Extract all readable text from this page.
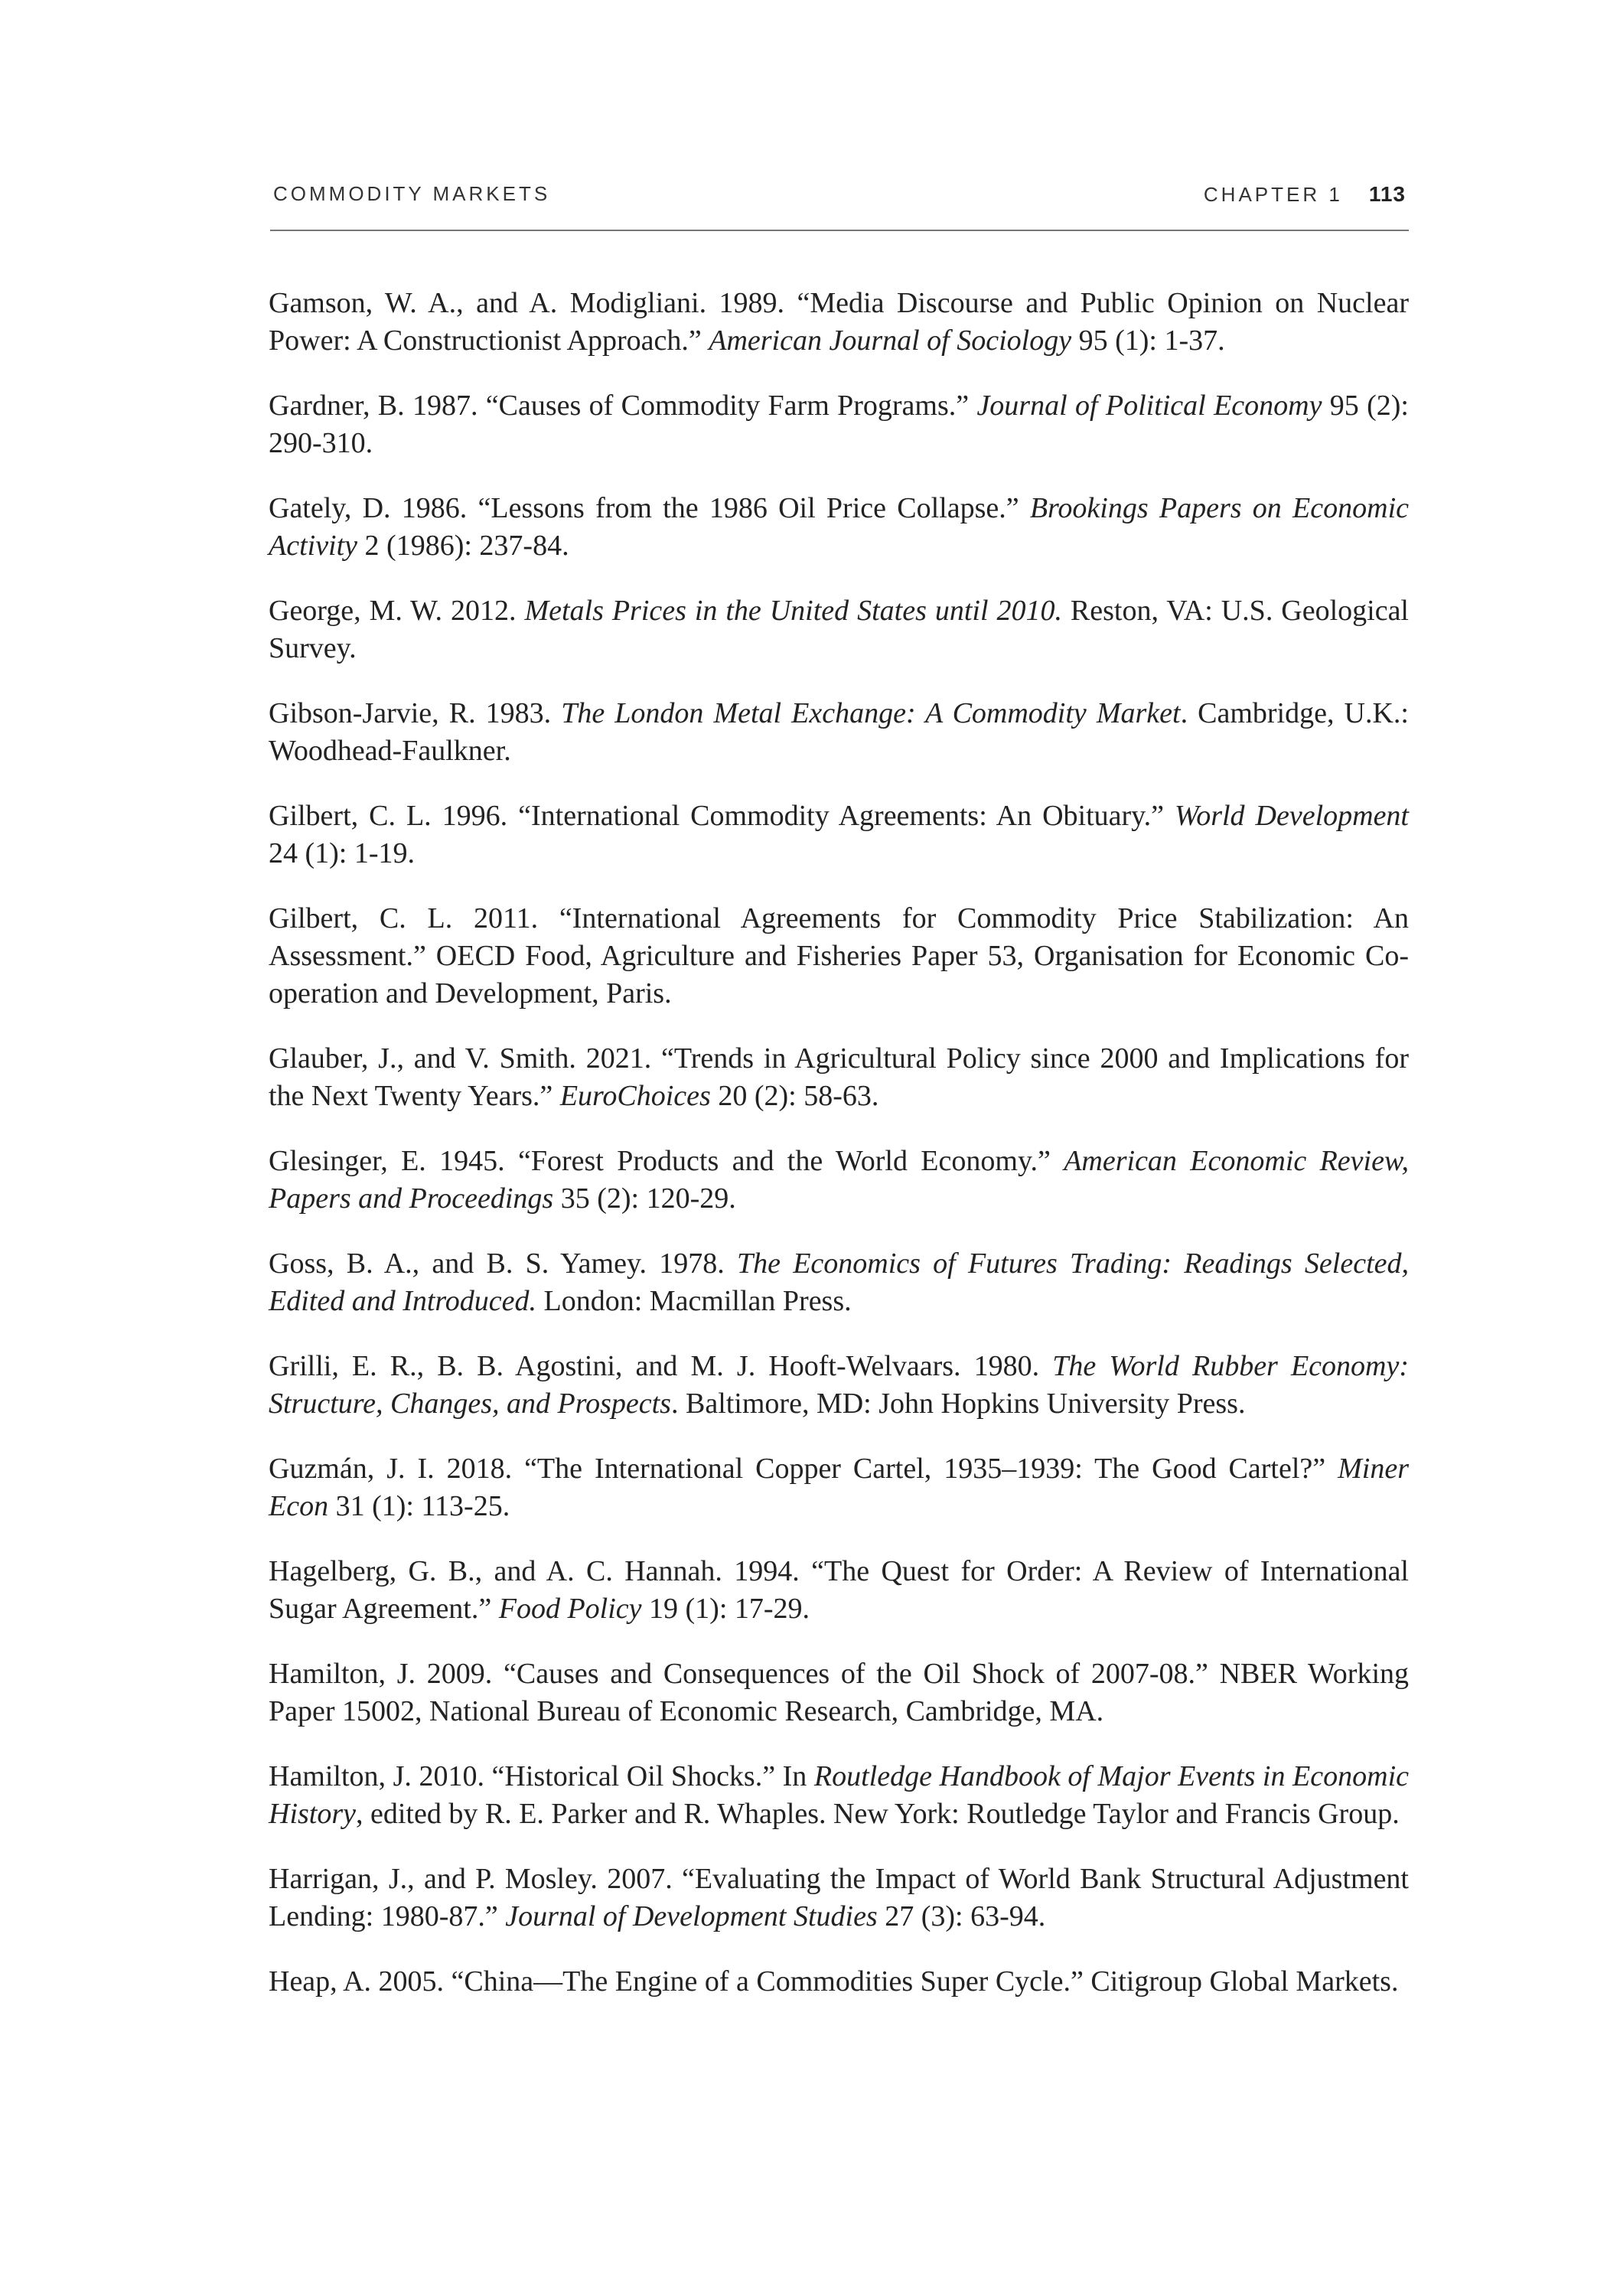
COMMODITY MARKETS	CHAPTER 1 113
Gamson, W. A., and A. Modigliani. 1989. “Media Discourse and Public Opinion on Nuclear Power: A Constructionist Approach.” American Journal of Sociology 95 (1): 1-37.
Gardner, B. 1987. “Causes of Commodity Farm Programs.” Journal of Political Economy 95 (2): 290-310.
Gately, D. 1986. “Lessons from the 1986 Oil Price Collapse.” Brookings Papers on Economic Activity 2 (1986): 237-84.
George, M. W. 2012. Metals Prices in the United States until 2010. Reston, VA: U.S. Geological Survey.
Gibson-Jarvie, R. 1983. The London Metal Exchange: A Commodity Market. Cambridge, U.K.: Woodhead-Faulkner.
Gilbert, C. L. 1996. “International Commodity Agreements: An Obituary.” World Development 24 (1): 1-19.
Gilbert, C. L. 2011. “International Agreements for Commodity Price Stabilization: An Assessment.” OECD Food, Agriculture and Fisheries Paper 53, Organisation for Economic Co-operation and Development, Paris.
Glauber, J., and V. Smith. 2021. “Trends in Agricultural Policy since 2000 and Implications for the Next Twenty Years.” EuroChoices 20 (2): 58-63.
Glesinger, E. 1945. “Forest Products and the World Economy.” American Economic Review, Papers and Proceedings 35 (2): 120-29.
Goss, B. A., and B. S. Yamey. 1978. The Economics of Futures Trading: Readings Selected, Edited and Introduced. London: Macmillan Press.
Grilli, E. R., B. B. Agostini, and M. J. Hooft-Welvaars. 1980. The World Rubber Economy: Structure, Changes, and Prospects. Baltimore, MD: John Hopkins University Press.
Guzmán, J. I. 2018. “The International Copper Cartel, 1935–1939: The Good Cartel?” Miner Econ 31 (1): 113-25.
Hagelberg, G. B., and A. C. Hannah. 1994. “The Quest for Order: A Review of International Sugar Agreement.” Food Policy 19 (1): 17-29.
Hamilton, J. 2009. “Causes and Consequences of the Oil Shock of 2007-08.” NBER Working Paper 15002, National Bureau of Economic Research, Cambridge, MA.
Hamilton, J. 2010. “Historical Oil Shocks.” In Routledge Handbook of Major Events in Economic History, edited by R. E. Parker and R. Whaples. New York: Routledge Taylor and Francis Group.
Harrigan, J., and P. Mosley. 2007. “Evaluating the Impact of World Bank Structural Adjustment Lending: 1980-87.” Journal of Development Studies 27 (3): 63-94.
Heap, A. 2005. “China—The Engine of a Commodities Super Cycle.” Citigroup Global Markets.
